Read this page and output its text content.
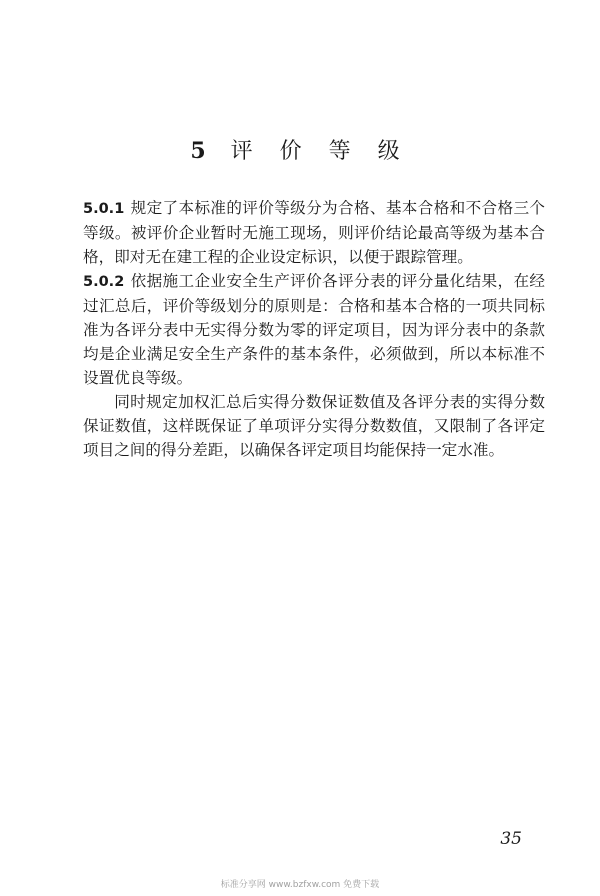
5 评 价 等 级

5.0.1 规定了本标准的评价等级分为合格、基本合格和不合格三个等级。被评价企业暂时无施工现场，则评价结论最高等级为基本合格，即对无在建工程的企业设定标识，以便于跟踪管理。

5.0.2 依据施工企业安全生产评价各评分表的评分量化结果，在经过汇总后，评价等级划分的原则是：合格和基本合格的一项共同标准为各评分表中无实得分数为零的评定项目，因为评分表中的条款均是企业满足安全生产条件的基本条件，必须做到，所以本标准不设置优良等级。

同时规定加权汇总后实得分数保证数值及各评分表的实得分数保证数值，这样既保证了单项评分实得分数数值，又限制了各评定项目之间的得分差距，以确保各评定项目均能保持一定水准。

35
标准分享网 www.bzfxw.com 免费下载
